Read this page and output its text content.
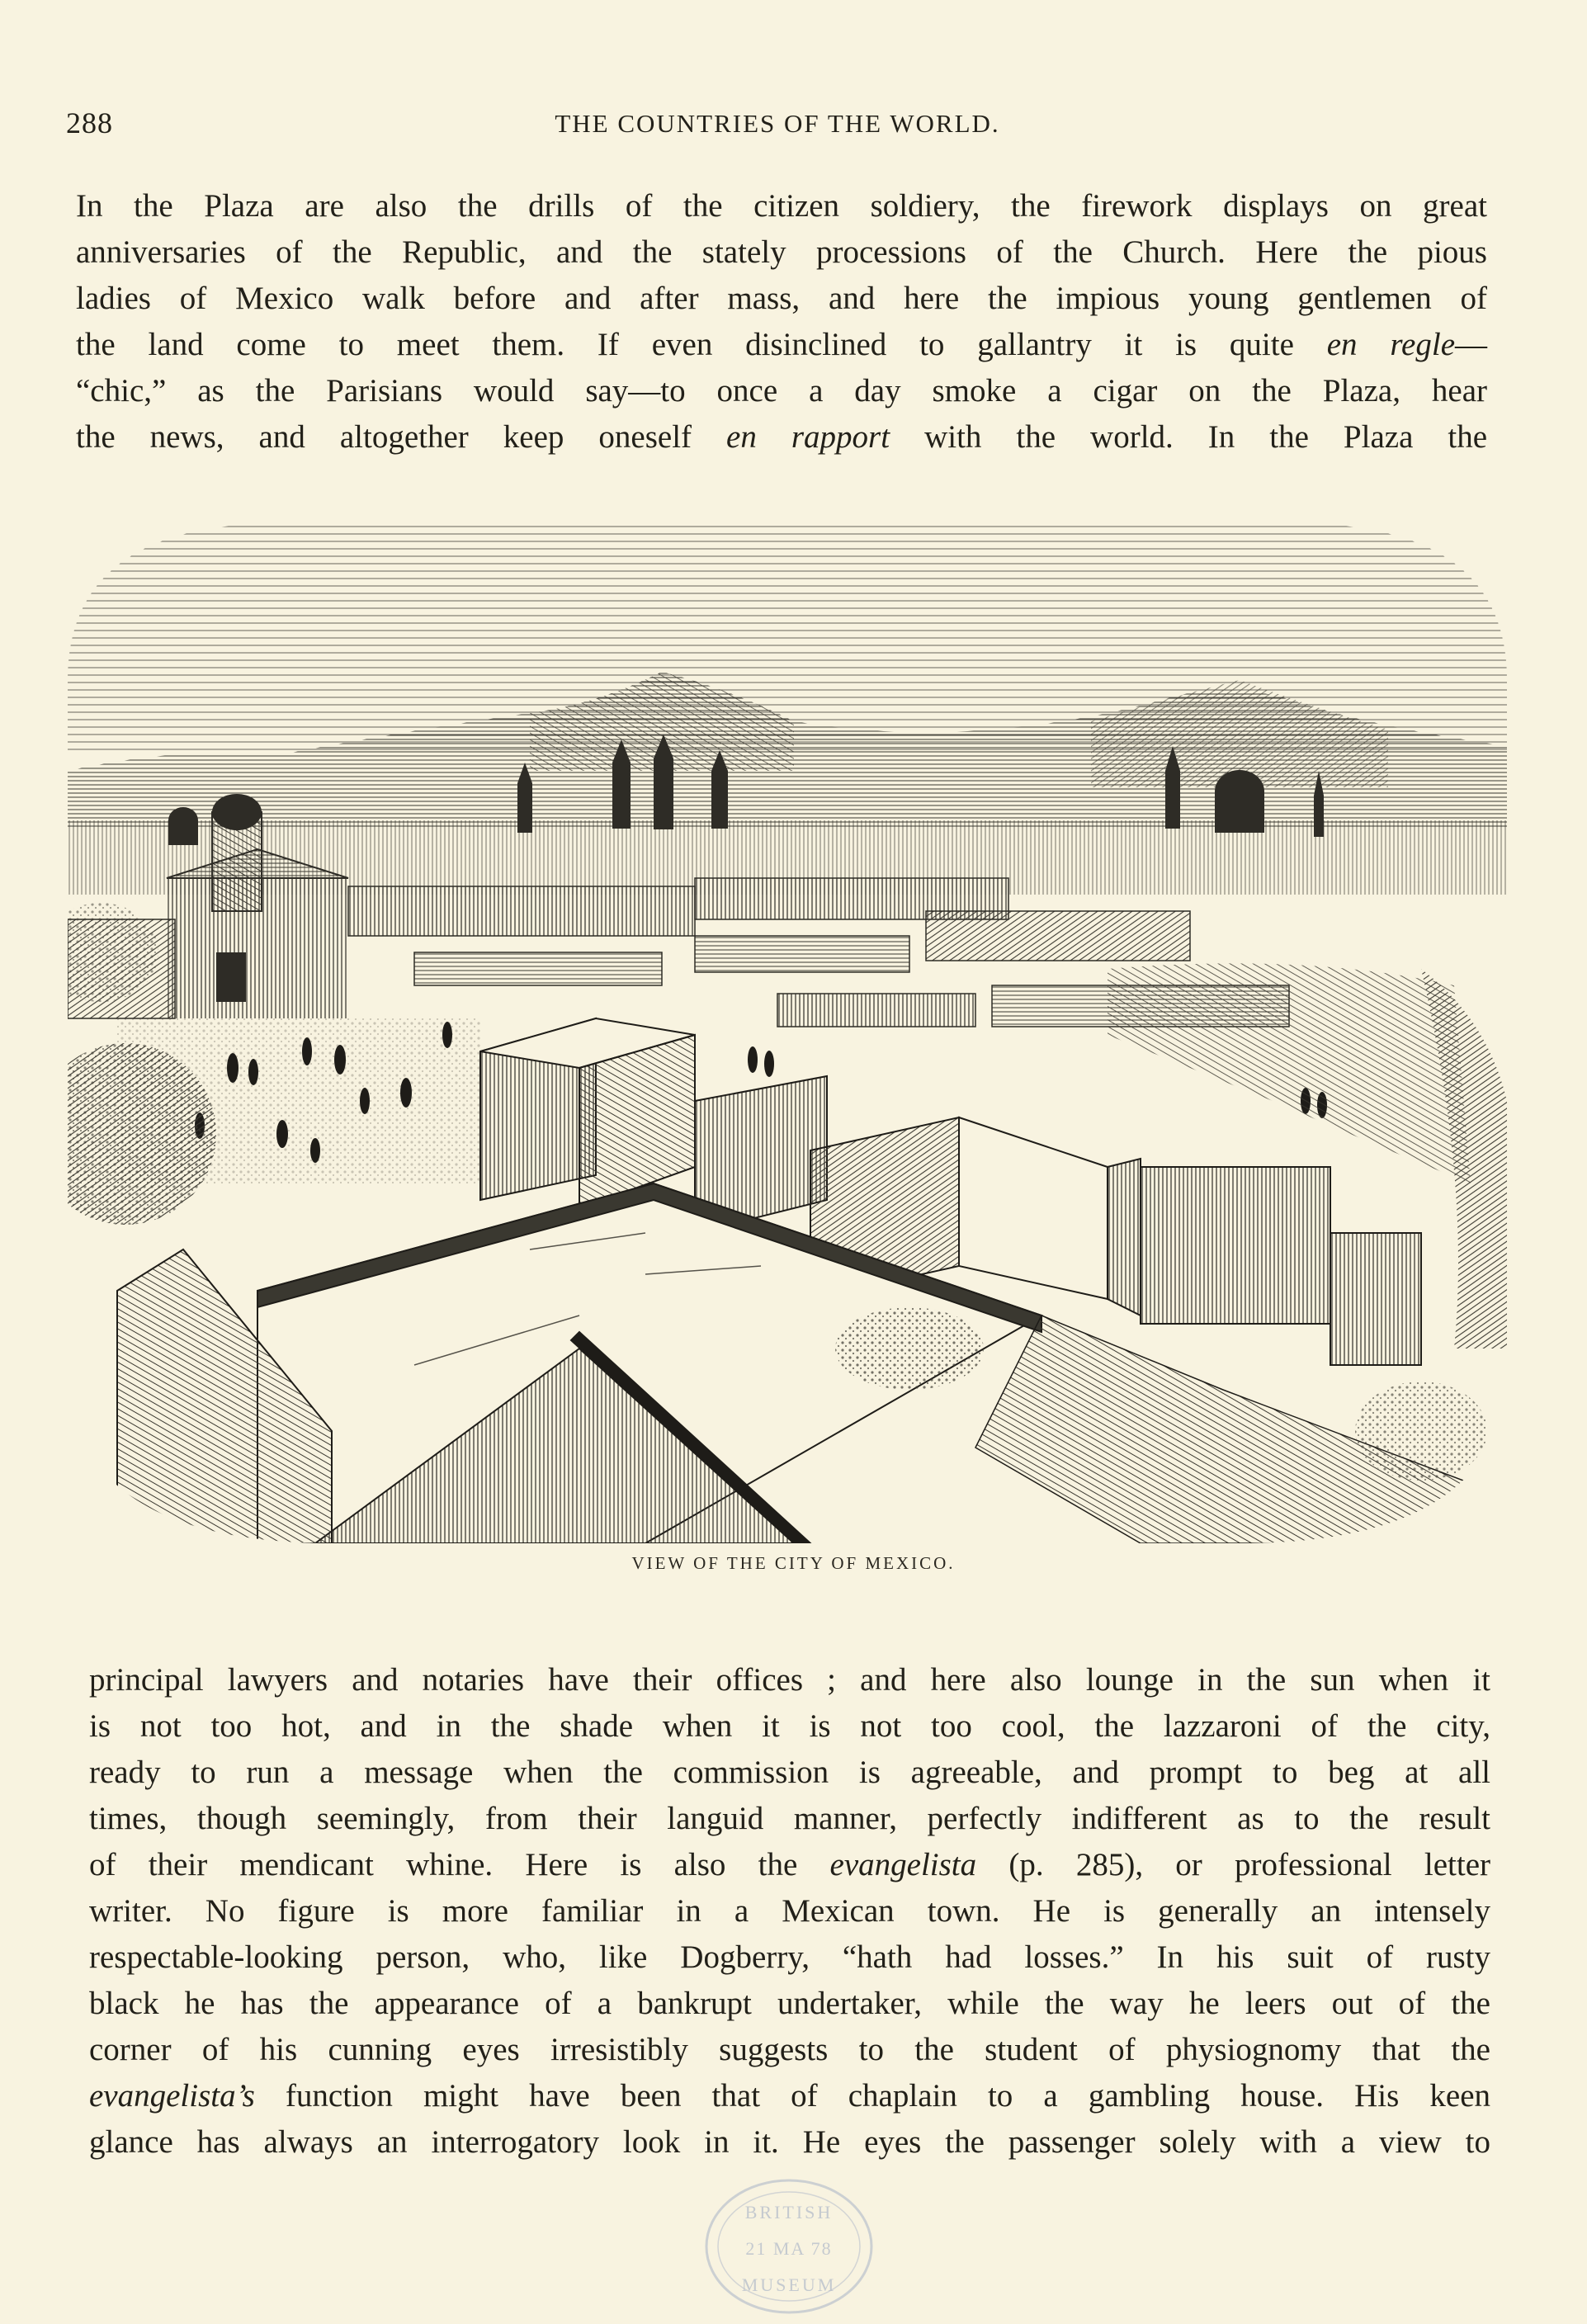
288	THE COUNTRIES OF THE WORLD.
In the Plaza are also the drills of the citizen soldiery, the firework displays on great
anniversaries of the Republic, and the stately processions of the Church. Here the pious
ladies of Mexico walk before and after mass, and here the impious young gentlemen of
the land come to meet them. If even disinclined to gallantry it is quite en regle—
“chic,” as the Parisians would say—to once a day smoke a cigar on the Plaza, hear
the news, and altogether keep oneself en rapport with the world. In the Plaza the
VIEW OF THE CITY OF MEXICO.
principal lawyers and notaries have their offices ; and here also lounge in the sun when it
is not too hot, and in the shade when it is not too cool, the lazzaroni of the city,
ready to run a message when the commission is agreeable, and prompt to beg at all
times, though seemingly, from their languid manner, perfectly indifferent as to the result
of their mendicant whine. Here is also the evangelista (p. 285), or professional letter
writer. No figure is more familiar in a Mexican town. He is generally an intensely
respectable-looking person, who, like Dogberry, “hath had losses.” In his suit of rusty
black he has the appearance of a bankrupt undertaker, while the way he leers out of the
corner of his cunning eyes irresistibly suggests to the student of physiognomy that the
evangelista’s function might have been that of chaplain to a gambling house. His keen
glance has always an interrogatory look in it. He eyes the passenger solely with a view to
BRITISH
21 MA 78
MUSEUM
